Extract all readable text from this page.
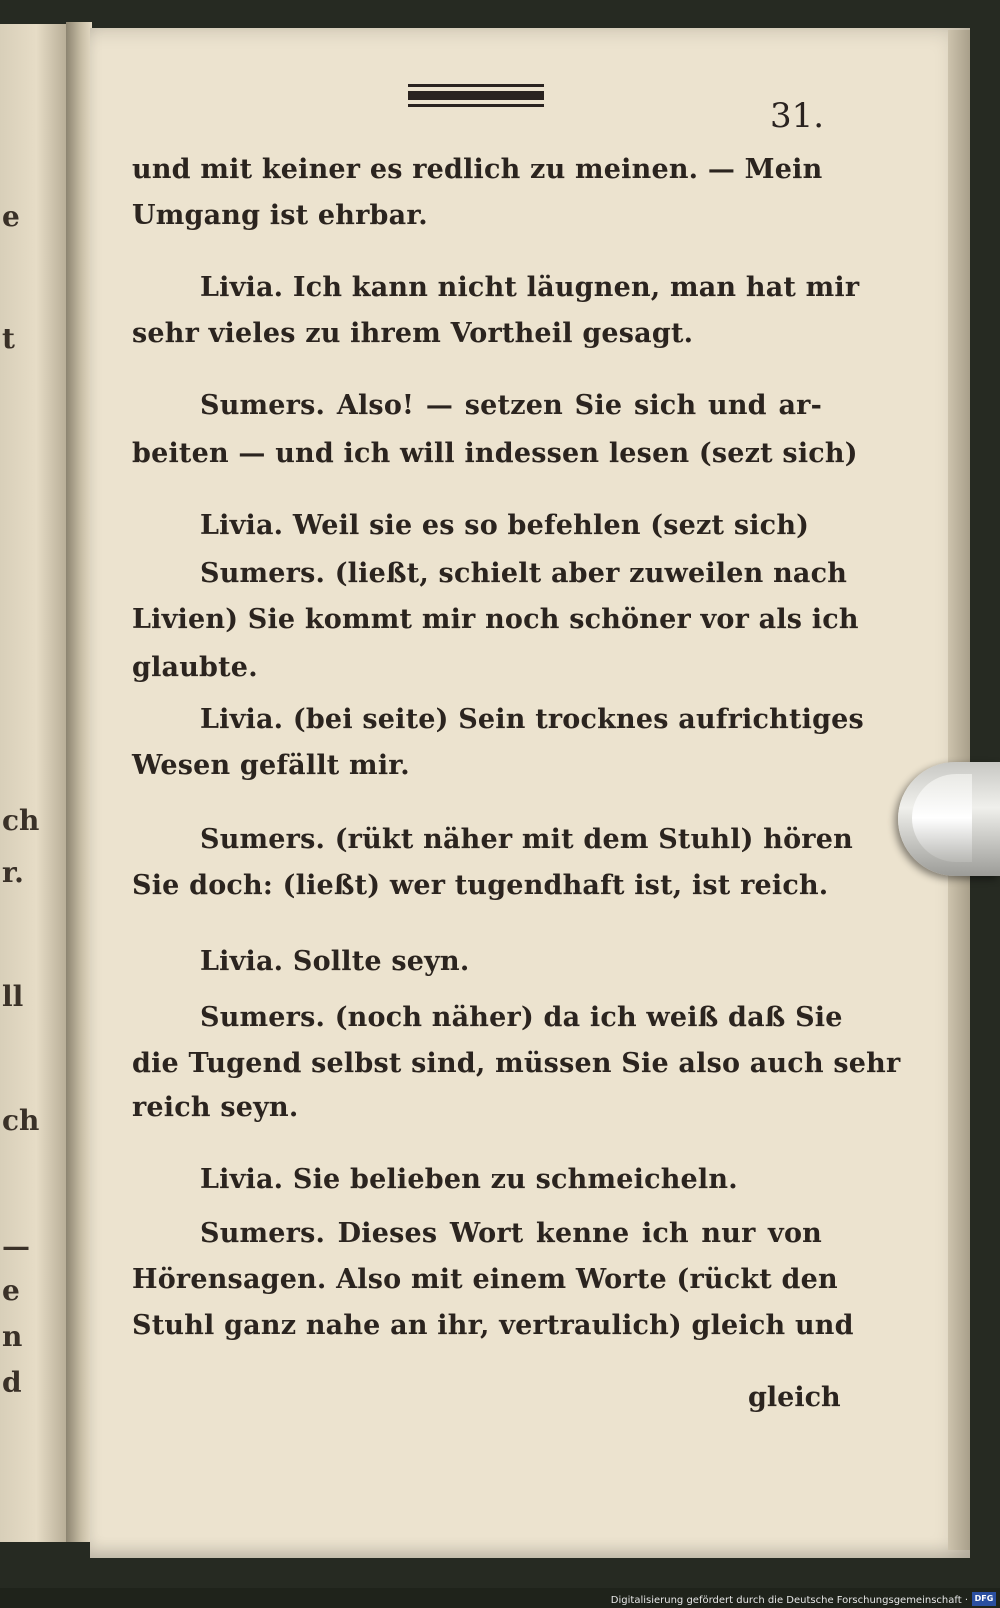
e
t
ch
r.
ll
ch
—
e
n
d
31.
und mit keiner es redlich zu meinen. — Mein
Umgang ist ehrbar.
Livia. Ich kann nicht läugnen, man hat mir
sehr vieles zu ihrem Vortheil gesagt.
Sumers. Also! — setzen Sie sich und ar-
beiten — und ich will indessen lesen (sezt sich)
Livia. Weil sie es so befehlen (sezt sich)
Sumers. (ließt, schielt aber zuweilen nach
Livien) Sie kommt mir noch schöner vor als ich
glaubte.
Livia. (bei seite) Sein trocknes aufrichtiges
Wesen gefällt mir.
Sumers. (rükt näher mit dem Stuhl) hören
Sie doch: (ließt) wer tugendhaft ist, ist reich.
Livia. Sollte seyn.
Sumers. (noch näher) da ich weiß daß Sie
die Tugend selbst sind, müssen Sie also auch sehr
reich seyn.
Livia. Sie belieben zu schmeicheln.
Sumers. Dieses Wort kenne ich nur von
Hörensagen. Also mit einem Worte (rückt den
Stuhl ganz nahe an ihr, vertraulich) gleich und
gleich
Digitalisierung gefördert durch die Deutsche Forschungsgemeinschaft · DFG
